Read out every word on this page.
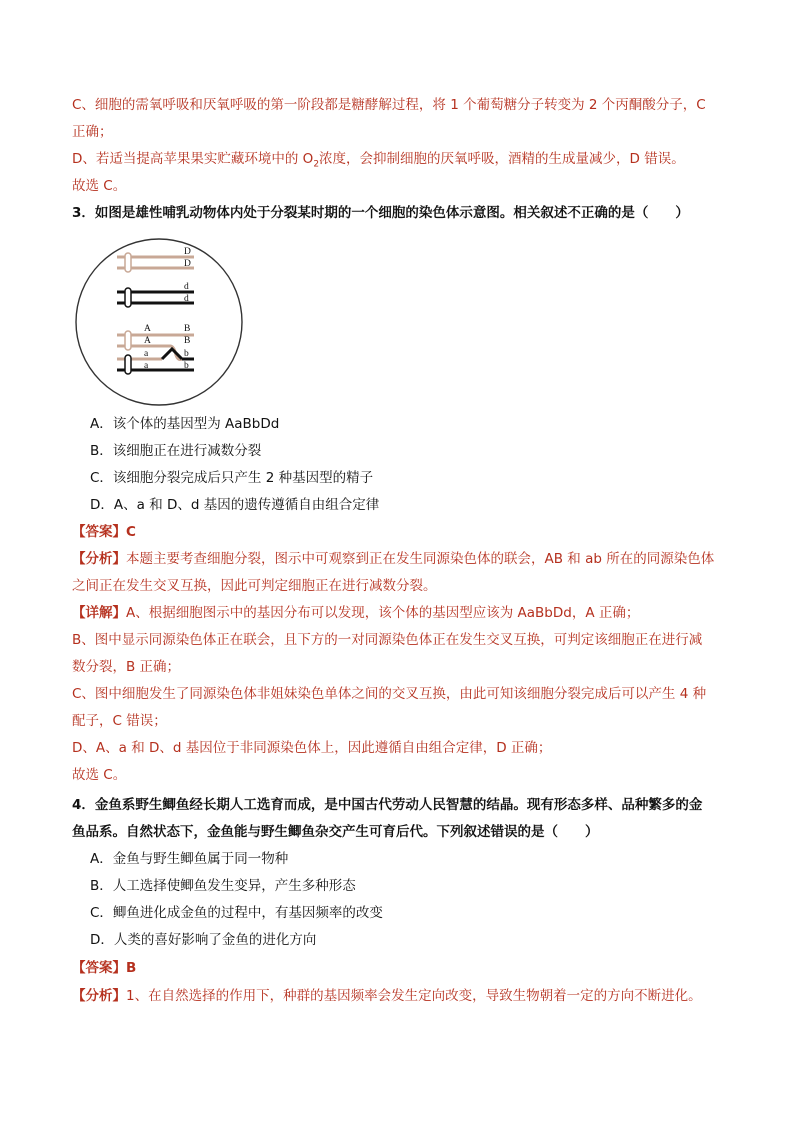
C、细胞的需氧呼吸和厌氧呼吸的第一阶段都是糖酵解过程，将 1 个葡萄糖分子转变为 2 个丙酮酸分子，C
正确；
D、若适当提高苹果果实贮藏环境中的 $O_2$浓度，会抑制细胞的厌氧呼吸，酒精的生成量减少，D 错误。
故选 C。
3．如图是雄性哺乳动物体内处于分裂某时期的一个细胞的染色体示意图。相关叙述不正确的是（　　）
D
D
d
d
A
A
a
a
B
B
b
b
A．该个体的基因型为 AaBbDd
B．该细胞正在进行减数分裂
C．该细胞分裂完成后只产生 2 种基因型的精子
D．A、a 和 D、d 基因的遗传遵循自由组合定律
【答案】C
【分析】本题主要考查细胞分裂，图示中可观察到正在发生同源染色体的联会，AB 和 ab 所在的同源染色体
之间正在发生交叉互换，因此可判定细胞正在进行减数分裂。
【详解】A、根据细胞图示中的基因分布可以发现，该个体的基因型应该为 AaBbDd，A 正确；
B、图中显示同源染色体正在联会，且下方的一对同源染色体正在发生交叉互换，可判定该细胞正在进行减
数分裂，B 正确；
C、图中细胞发生了同源染色体非姐妹染色单体之间的交叉互换，由此可知该细胞分裂完成后可以产生 4 种
配子，C 错误；
D、A、a 和 D、d 基因位于非同源染色体上，因此遵循自由组合定律，D 正确；
故选 C。
4．金鱼系野生鲫鱼经长期人工选育而成，是中国古代劳动人民智慧的结晶。现有形态多样、品种繁多的金
鱼品系。自然状态下，金鱼能与野生鲫鱼杂交产生可育后代。下列叙述错误的是（　　）
A．金鱼与野生鲫鱼属于同一物种
B．人工选择使鲫鱼发生变异，产生多种形态
C．鲫鱼进化成金鱼的过程中，有基因频率的改变
D．人类的喜好影响了金鱼的进化方向
【答案】B
【分析】1、在自然选择的作用下，种群的基因频率会发生定向改变，导致生物朝着一定的方向不断进化。
